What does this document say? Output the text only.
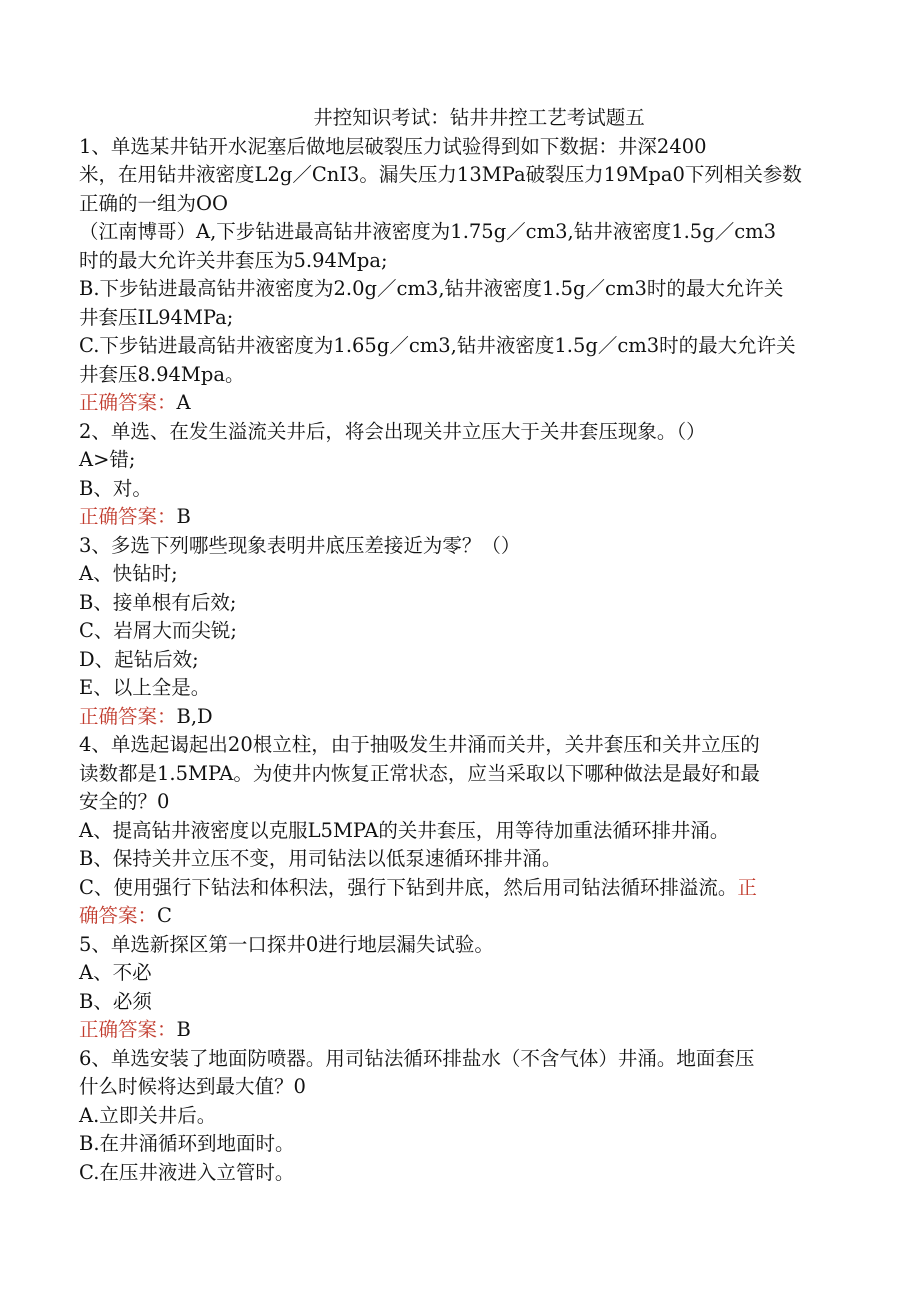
井控知识考试：钻井井控工艺考试题五
1、单选某井钻开水泥塞后做地层破裂压力试验得到如下数据：井深2400
米，在用钻井液密度L2g／CnI3。漏失压力13MPa破裂压力19Mpa0下列相关参数
正确的一组为OO
（江南博哥）A,下步钻进最高钻井液密度为1.75g／cm3,钻井液密度1.5g／cm3
时的最大允许关井套压为5.94Mpa;
B.下步钻进最高钻井液密度为2.0g／cm3,钻井液密度1.5g／cm3时的最大允许关
井套压IL94MPa;
C.下步钻进最高钻井液密度为1.65g／cm3,钻井液密度1.5g／cm3时的最大允许关
井套压8.94Mpa。
正确答案：A
2、单选、在发生溢流关井后，将会出现关井立压大于关井套压现象。（）
A>错;
B、对。
正确答案：B
3、多选下列哪些现象表明井底压差接近为零？（）
A、快钻时;
B、接单根有后效;
C、岩屑大而尖锐;
D、起钻后效;
E、以上全是。
正确答案：B,D
4、单选起谒起出20根立柱，由于抽吸发生井涌而关井，关井套压和关井立压的
读数都是1.5MPA。为使井内恢复正常状态，应当采取以下哪种做法是最好和最
安全的？0
A、提高钻井液密度以克服L5MPA的关井套压，用等待加重法循环排井涌。
B、保持关井立压不变，用司钻法以低泵速循环排井涌。
C、使用强行下钻法和体积法，强行下钻到井底，然后用司钻法循环排溢流。正
确答案：C
5、单选新探区第一口探井0进行地层漏失试验。
A、不必
B、必须
正确答案：B
6、单选安装了地面防喷器。用司钻法循环排盐水（不含气体）井涌。地面套压
什么时候将达到最大值？0
A.立即关井后。
B.在井涌循环到地面时。
C.在压井液进入立管时。
